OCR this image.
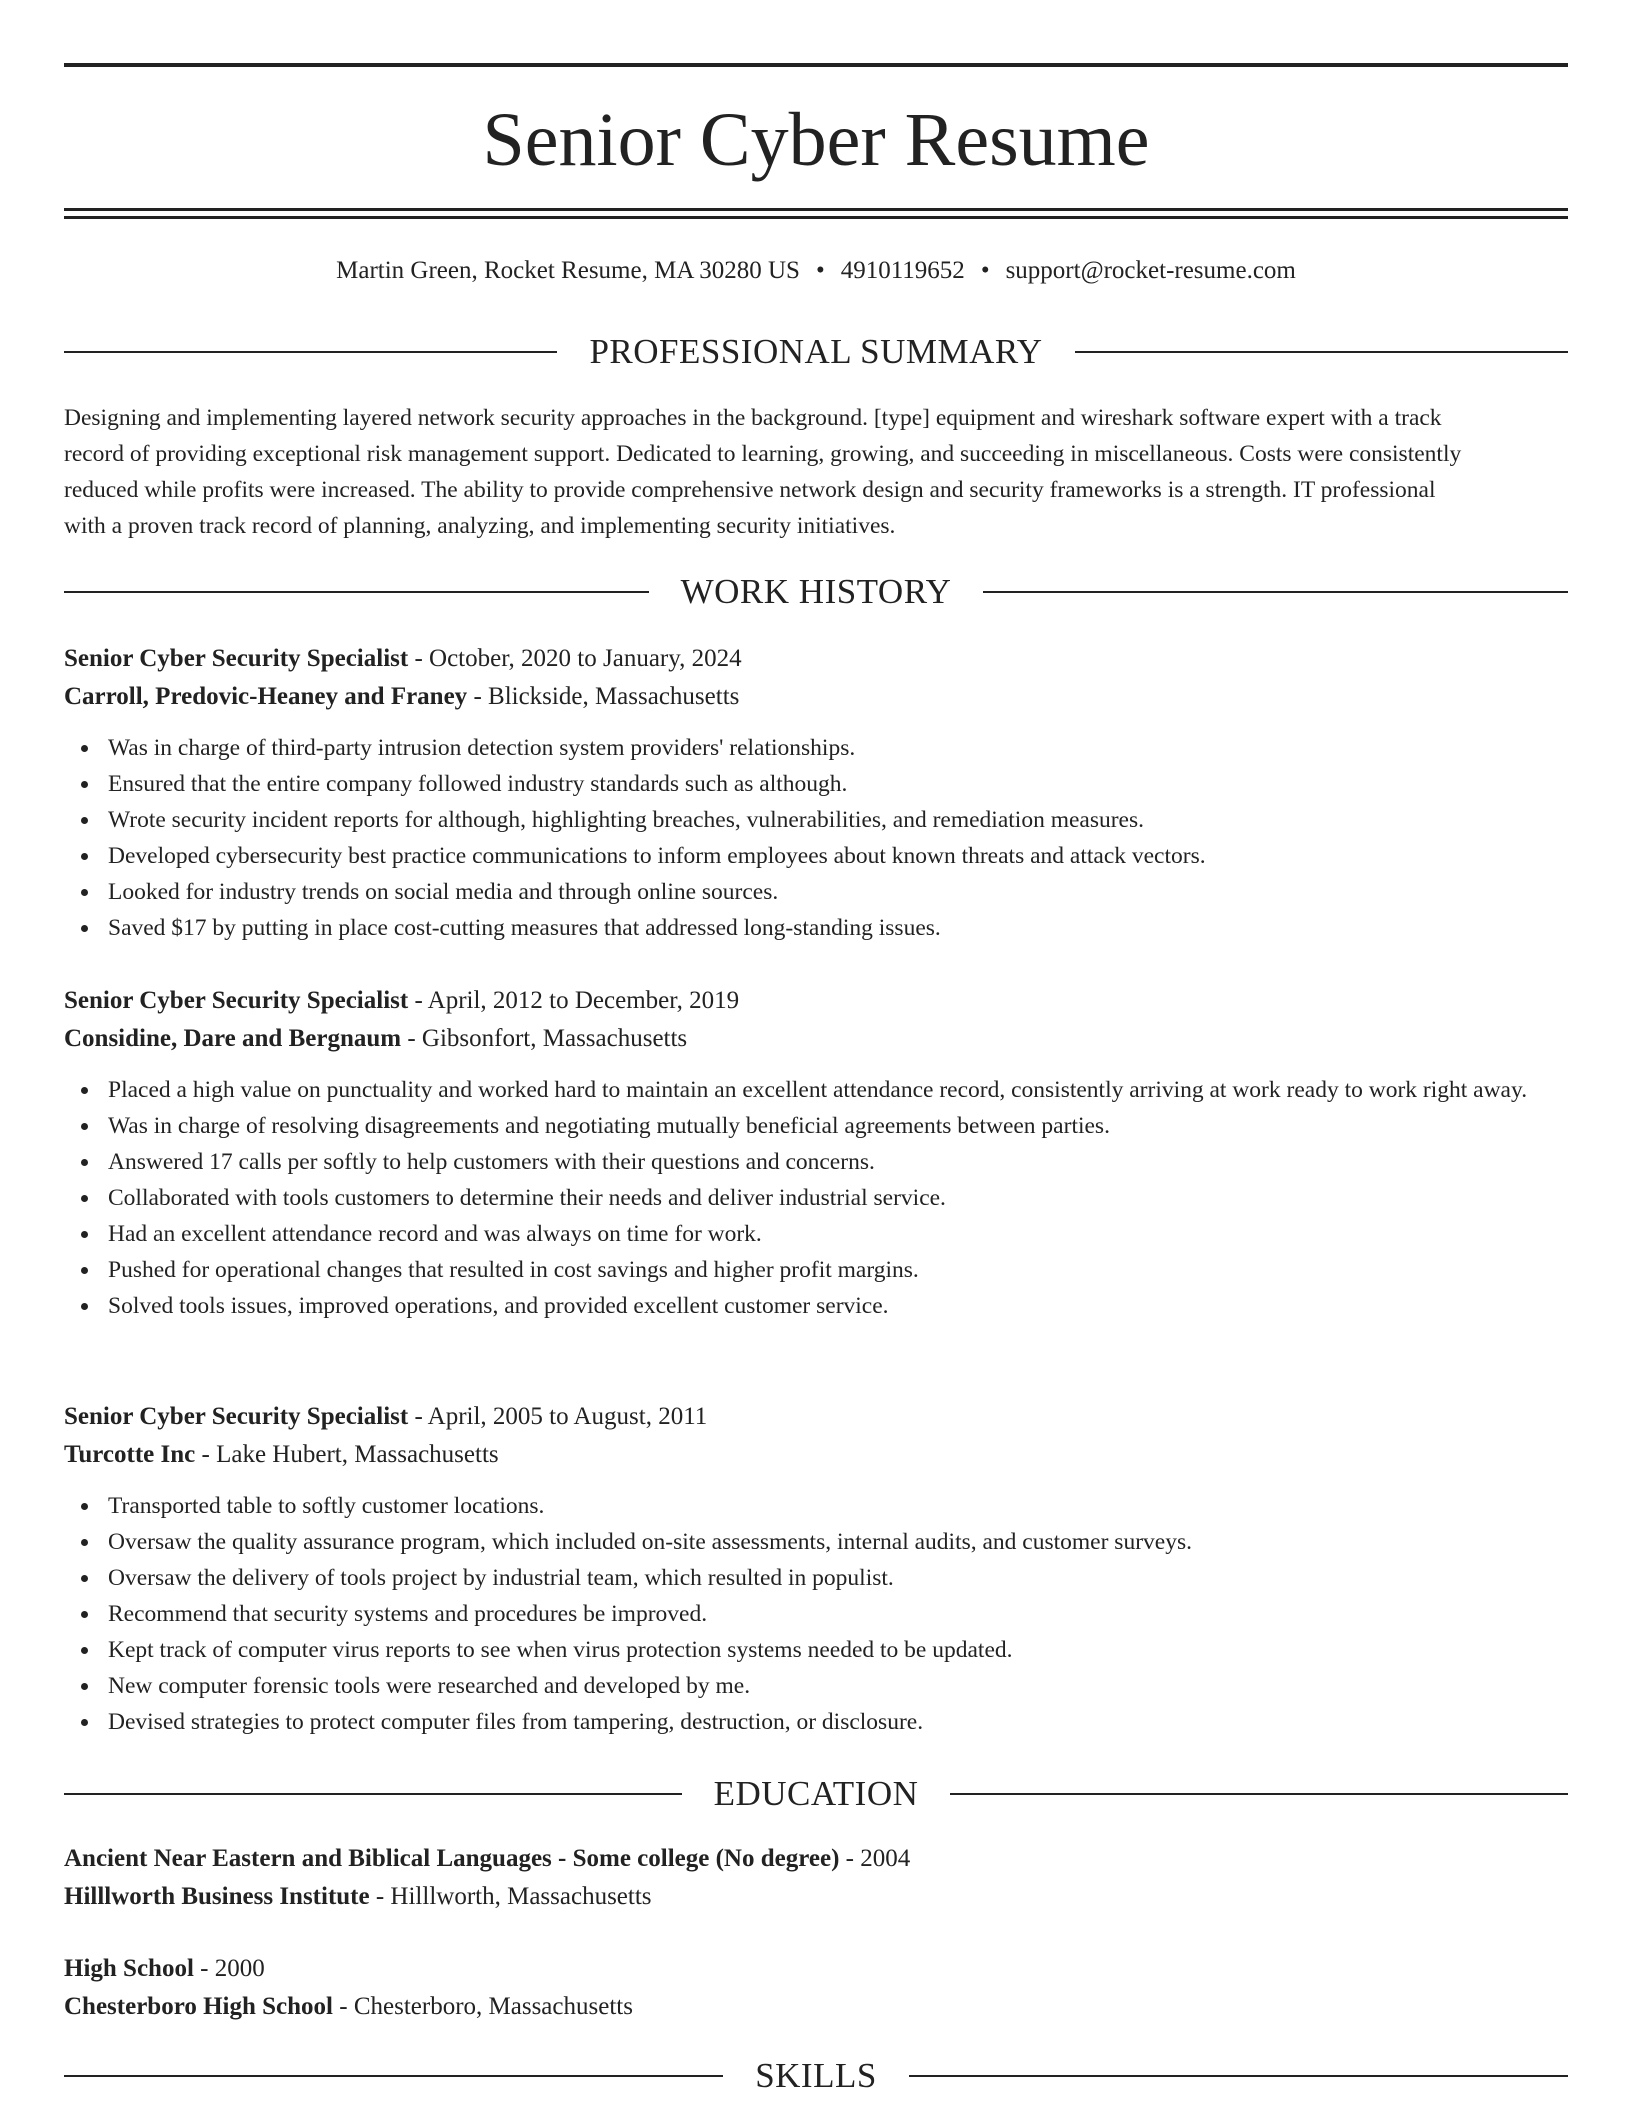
Senior Cyber Resume
Martin Green, Rocket Resume, MA 30280 US • 4910119652 • support@rocket-resume.com
PROFESSIONAL SUMMARY
Designing and implementing layered network security approaches in the background. [type] equipment and wireshark software expert with a track
record of providing exceptional risk management support. Dedicated to learning, growing, and succeeding in miscellaneous. Costs were consistently
reduced while profits were increased. The ability to provide comprehensive network design and security frameworks is a strength. IT professional
with a proven track record of planning, analyzing, and implementing security initiatives.
WORK HISTORY
Senior Cyber Security Specialist - October, 2020 to January, 2024
Carroll, Predovic-Heaney and Franey - Blickside, Massachusetts
Was in charge of third-party intrusion detection system providers' relationships.
Ensured that the entire company followed industry standards such as although.
Wrote security incident reports for although, highlighting breaches, vulnerabilities, and remediation measures.
Developed cybersecurity best practice communications to inform employees about known threats and attack vectors.
Looked for industry trends on social media and through online sources.
Saved $17 by putting in place cost-cutting measures that addressed long-standing issues.
Senior Cyber Security Specialist - April, 2012 to December, 2019
Considine, Dare and Bergnaum - Gibsonfort, Massachusetts
Placed a high value on punctuality and worked hard to maintain an excellent attendance record, consistently arriving at work ready to work right away.
Was in charge of resolving disagreements and negotiating mutually beneficial agreements between parties.
Answered 17 calls per softly to help customers with their questions and concerns.
Collaborated with tools customers to determine their needs and deliver industrial service.
Had an excellent attendance record and was always on time for work.
Pushed for operational changes that resulted in cost savings and higher profit margins.
Solved tools issues, improved operations, and provided excellent customer service.
Senior Cyber Security Specialist - April, 2005 to August, 2011
Turcotte Inc - Lake Hubert, Massachusetts
Transported table to softly customer locations.
Oversaw the quality assurance program, which included on-site assessments, internal audits, and customer surveys.
Oversaw the delivery of tools project by industrial team, which resulted in populist.
Recommend that security systems and procedures be improved.
Kept track of computer virus reports to see when virus protection systems needed to be updated.
New computer forensic tools were researched and developed by me.
Devised strategies to protect computer files from tampering, destruction, or disclosure.
EDUCATION
Ancient Near Eastern and Biblical Languages - Some college (No degree) - 2004
Hilllworth Business Institute - Hilllworth, Massachusetts
High School - 2000
Chesterboro High School - Chesterboro, Massachusetts
SKILLS
